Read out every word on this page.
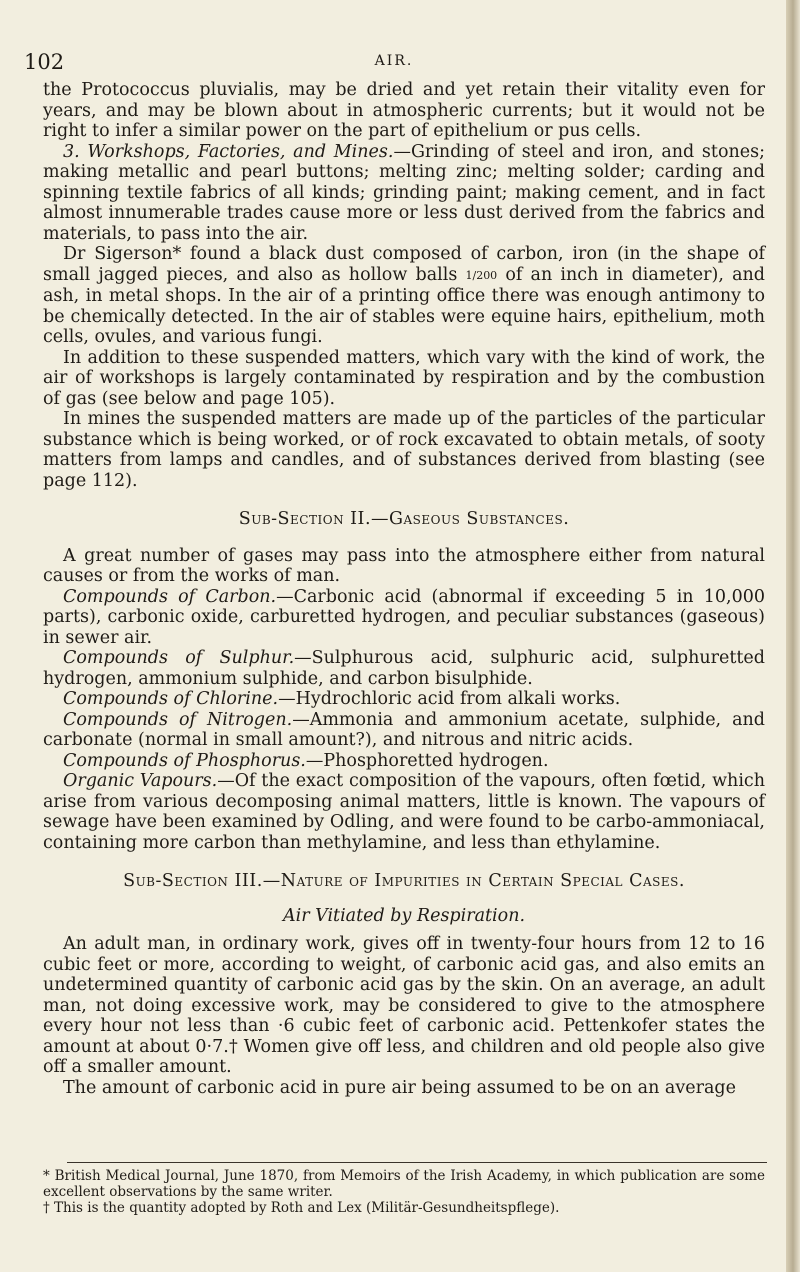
102	AIR.

the Protococcus pluvialis, may be dried and yet retain their vitality even for years, and may be blown about in atmospheric currents; but it would not be right to infer a similar power on the part of epithelium or pus cells.

3. Workshops, Factories, and Mines.—Grinding of steel and iron, and stones; making metallic and pearl buttons; melting zinc; melting solder; carding and spinning textile fabrics of all kinds; grinding paint; making cement, and in fact almost innumerable trades cause more or less dust derived from the fabrics and materials, to pass into the air.

Dr Sigerson* found a black dust composed of carbon, iron (in the shape of small jagged pieces, and also as hollow balls 1/200 of an inch in diameter), and ash, in metal shops. In the air of a printing office there was enough antimony to be chemically detected. In the air of stables were equine hairs, epithelium, moth cells, ovules, and various fungi.

In addition to these suspended matters, which vary with the kind of work, the air of workshops is largely contaminated by respiration and by the combustion of gas (see below and page 105).

In mines the suspended matters are made up of the particles of the particular substance which is being worked, or of rock excavated to obtain metals, of sooty matters from lamps and candles, and of substances derived from blasting (see page 112).

Sub-Section II.—Gaseous Substances.

A great number of gases may pass into the atmosphere either from natural causes or from the works of man.

Compounds of Carbon.—Carbonic acid (abnormal if exceeding 5 in 10,000 parts), carbonic oxide, carburetted hydrogen, and peculiar substances (gaseous) in sewer air.

Compounds of Sulphur.—Sulphurous acid, sulphuric acid, sulphuretted hydrogen, ammonium sulphide, and carbon bisulphide.

Compounds of Chlorine.—Hydrochloric acid from alkali works.

Compounds of Nitrogen.—Ammonia and ammonium acetate, sulphide, and carbonate (normal in small amount?), and nitrous and nitric acids.

Compounds of Phosphorus.—Phosphoretted hydrogen.

Organic Vapours.—Of the exact composition of the vapours, often fœtid, which arise from various decomposing animal matters, little is known. The vapours of sewage have been examined by Odling, and were found to be carbo-ammoniacal, containing more carbon than methylamine, and less than ethylamine.

Sub-Section III.—Nature of Impurities in Certain Special Cases.

Air Vitiated by Respiration.

An adult man, in ordinary work, gives off in twenty-four hours from 12 to 16 cubic feet or more, according to weight, of carbonic acid gas, and also emits an undetermined quantity of carbonic acid gas by the skin. On an average, an adult man, not doing excessive work, may be considered to give to the atmosphere every hour not less than ·6 cubic feet of carbonic acid. Pettenkofer states the amount at about 0·7.† Women give off less, and children and old people also give off a smaller amount.

The amount of carbonic acid in pure air being assumed to be on an average

* British Medical Journal, June 1870, from Memoirs of the Irish Academy, in which publication are some excellent observations by the same writer.

† This is the quantity adopted by Roth and Lex (Militär-Gesundheitspflege).
